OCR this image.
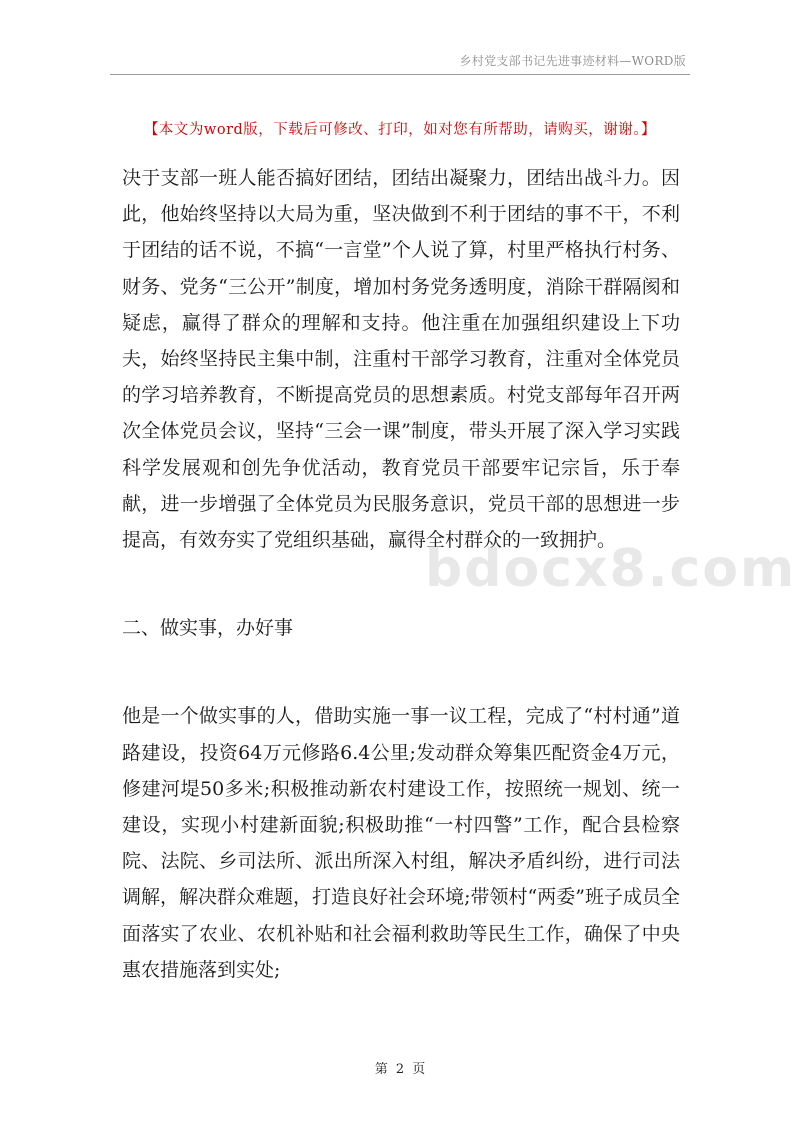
乡村党支部书记先进事迹材料—WORD版
【本文为word版，下载后可修改、打印，如对您有所帮助，请购买，谢谢。】

决于支部一班人能否搞好团结，团结出凝聚力，团结出战斗力。因此，他始终坚持以大局为重，坚决做到不利于团结的事不干，不利于团结的话不说，不搞“一言堂”个人说了算，村里严格执行村务、财务、党务“三公开”制度，增加村务党务透明度，消除干群隔阂和疑虑，赢得了群众的理解和支持。他注重在加强组织建设上下功夫，始终坚持民主集中制，注重村干部学习教育，注重对全体党员的学习培养教育，不断提高党员的思想素质。村党支部每年召开两次全体党员会议，坚持“三会一课”制度，带头开展了深入学习实践科学发展观和创先争优活动，教育党员干部要牢记宗旨，乐于奉献，进一步增强了全体党员为民服务意识，党员干部的思想进一步提高，有效夯实了党组织基础，赢得全村群众的一致拥护。

二、做实事，办好事

他是一个做实事的人，借助实施一事一议工程，完成了“村村通”道路建设，投资64万元修路6.4公里;发动群众筹集匹配资金4万元，修建河堤50多米;积极推动新农村建设工作，按照统一规划、统一建设，实现小村建新面貌;积极助推“一村四警”工作，配合县检察院、法院、乡司法所、派出所深入村组，解决矛盾纠纷，进行司法调解，解决群众难题，打造良好社会环境;带领村“两委”班子成员全面落实了农业、农机补贴和社会福利救助等民生工作，确保了中央惠农措施落到实处;

bdocx8.com
第 2 页
